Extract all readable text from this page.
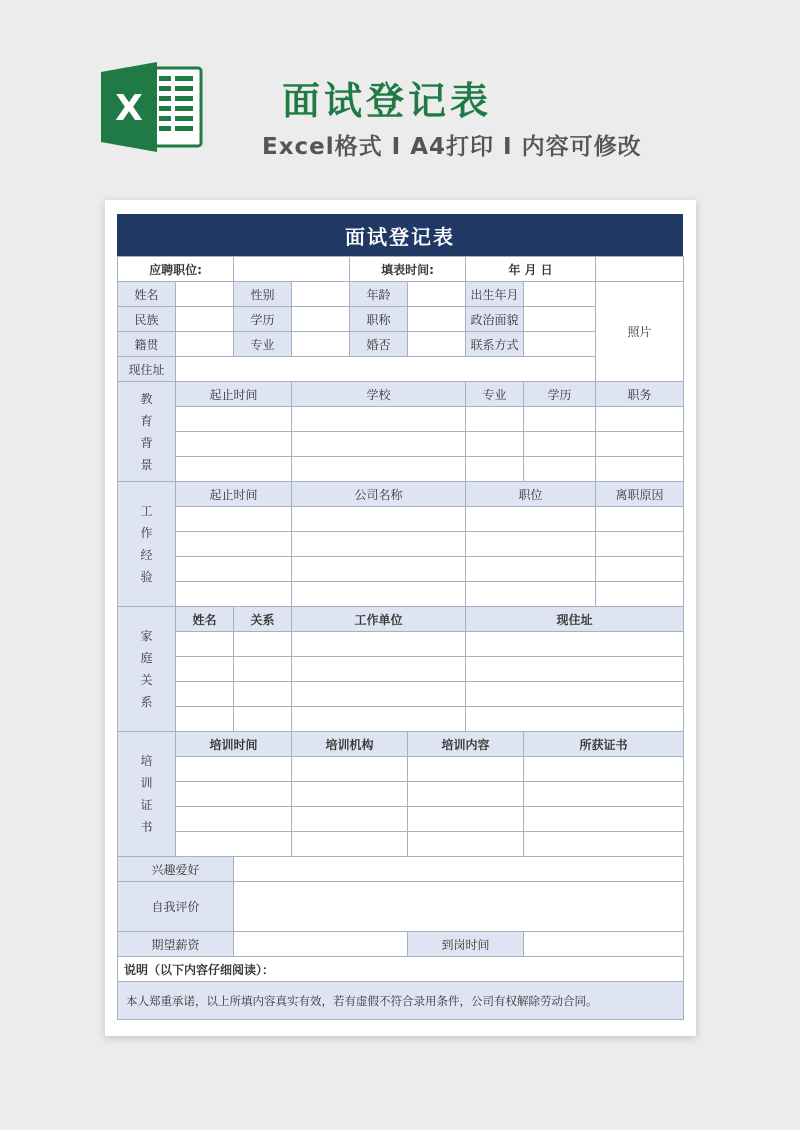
X	面试登记表
Excel格式 I A4打印 I 内容可修改
面试登记表
应聘职位:				填表时间:		年 月 日		
姓名		性别		年龄		出生年月		照片
民族		学历		职称		政治面貌		
籍贯		专业		婚否		联系方式		
现住址								

教
育
背
景	起止时间		学校			专业	学历	职务

工
作
经
验	起止时间		公司名称			职位		离职原因

家
庭
关
系	姓名	关系	工作单位			现住址		

培
训
证
书	培训时间		培训机构		培训内容		所获证书	

兴趣爱好								
自我评价								
期望薪资					到岗时间			
说明（以下内容仔细阅读）：								
本人郑重承诺，以上所填内容真实有效，若有虚假不符合录用条件，公司有权解除劳动合同。								
